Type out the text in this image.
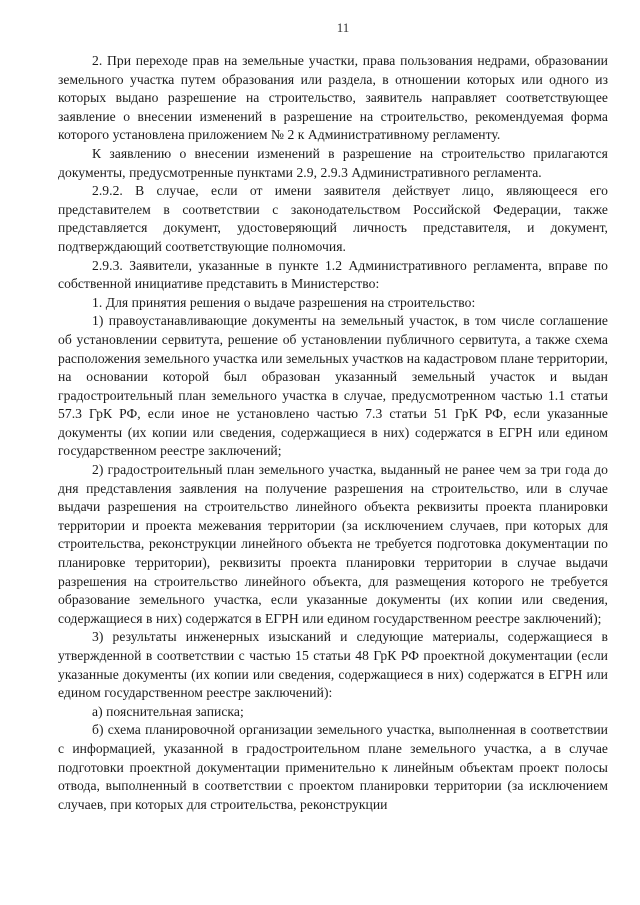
11

2. При переходе прав на земельные участки, права пользования недрами, образовании земельного участка путем образования или раздела, в отношении которых или одного из которых выдано разрешение на строительство, заявитель направляет соответствующее заявление о внесении изменений в разрешение на строительство, рекомендуемая форма которого установлена приложением № 2 к Административному регламенту.

К заявлению о внесении изменений в разрешение на строительство прилагаются документы, предусмотренные пунктами 2.9, 2.9.3 Административного регламента.

2.9.2. В случае, если от имени заявителя действует лицо, являющееся его представителем в соответствии с законодательством Российской Федерации, также представляется документ, удостоверяющий личность представителя, и документ, подтверждающий соответствующие полномочия.

2.9.3. Заявители, указанные в пункте 1.2 Административного регламента, вправе по собственной инициативе представить в Министерство:

1. Для принятия решения о выдаче разрешения на строительство:

1) правоустанавливающие документы на земельный участок, в том числе соглашение об установлении сервитута, решение об установлении публичного сервитута, а также схема расположения земельного участка или земельных участков на кадастровом плане территории, на основании которой был образован указанный земельный участок и выдан градостроительный план земельного участка в случае, предусмотренном частью 1.1 статьи 57.3 ГрК РФ, если иное не установлено частью 7.3 статьи 51 ГрК РФ, если указанные документы (их копии или сведения, содержащиеся в них) содержатся в ЕГРН или едином государственном реестре заключений;

2) градостроительный план земельного участка, выданный не ранее чем за три года до дня представления заявления на получение разрешения на строительство, или в случае выдачи разрешения на строительство линейного объекта реквизиты проекта планировки территории и проекта межевания территории (за исключением случаев, при которых для строительства, реконструкции линейного объекта не требуется подготовка документации по планировке территории), реквизиты проекта планировки территории в случае выдачи разрешения на строительство линейного объекта, для размещения которого не требуется образование земельного участка, если указанные документы (их копии или сведения, содержащиеся в них) содержатся в ЕГРН или едином государственном реестре заключений);

3) результаты инженерных изысканий и следующие материалы, содержащиеся в утвержденной в соответствии с частью 15 статьи 48 ГрК РФ проектной документации (если указанные документы (их копии или сведения, содержащиеся в них) содержатся в ЕГРН или едином государственном реестре заключений):

а) пояснительная записка;

б) схема планировочной организации земельного участка, выполненная в соответствии с информацией, указанной в градостроительном плане земельного участка, а в случае подготовки проектной документации применительно к линейным объектам проект полосы отвода, выполненный в соответствии с проектом планировки территории (за исключением случаев, при которых для строительства, реконструкции
